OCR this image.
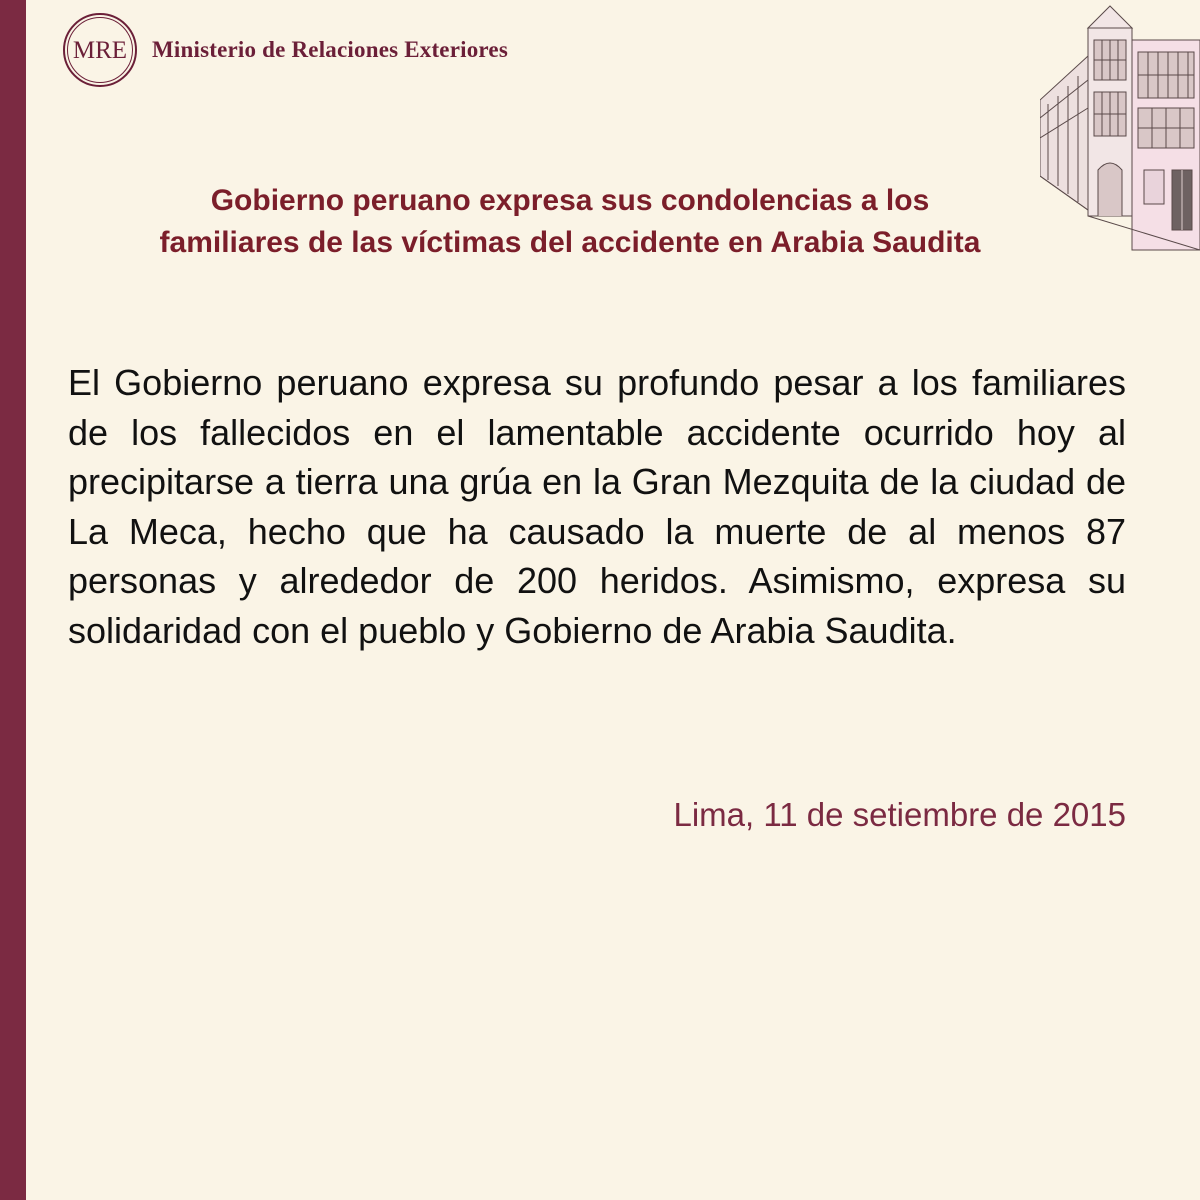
MRE Ministerio de Relaciones Exteriores
Gobierno peruano expresa sus condolencias a los
familiares de las víctimas del accidente en Arabia Saudita

El Gobierno peruano expresa su profundo pesar a los familiares de los fallecidos en el lamentable accidente ocurrido hoy al precipitarse a tierra una grúa en la Gran Mezquita de la ciudad de La Meca, hecho que ha causado la muerte de al menos 87 personas y alrededor de 200 heridos. Asimismo, expresa su solidaridad con el pueblo y Gobierno de Arabia Saudita.

Lima, 11 de setiembre de 2015
